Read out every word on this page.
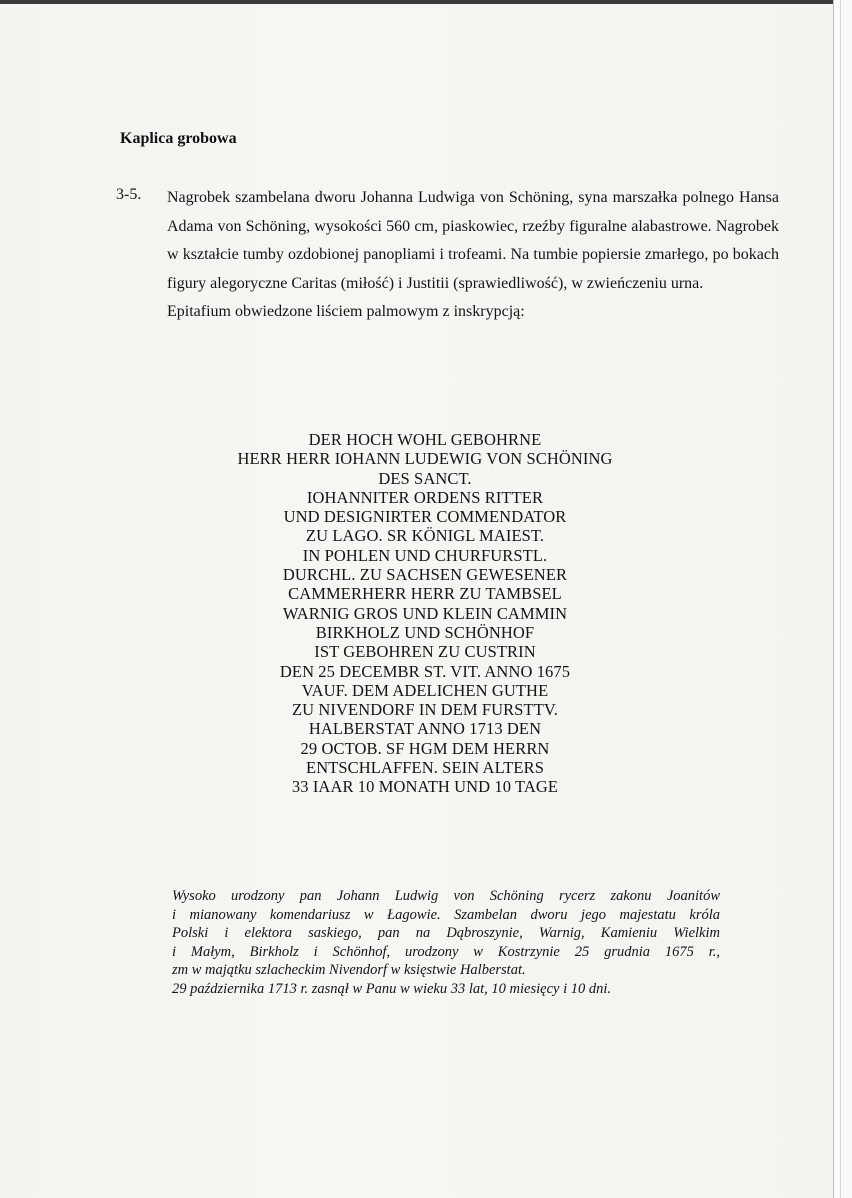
Kaplica grobowa
3-5. Nagrobek szambelana dworu Johanna Ludwiga von Schöning, syna marszałka polnego Hansa Adama von Schöning, wysokości 560 cm, piaskowiec, rzeźby figuralne alabastrowe. Nagrobek w kształcie tumby ozdobionej panopliami i trofeami. Na tumbie popiersie zmarłego, po bokach figury alegoryczne Caritas (miłość) i Justitii (sprawiedliwość), w zwieńczeniu urna.

Epitafium obwiedzone liściem palmowym z inskrypcją:

DER HOCH WOHL GEBOHRNE
HERR HERR IOHANN LUDEWIG VON SCHÖNING
DES SANCT.
IOHANNITER ORDENS RITTER
UND DESIGNIRTER COMMENDATOR
ZU LAGO. SR KÖNIGL MAIEST.
IN POHLEN UND CHURFURSTL.
DURCHL. ZU SACHSEN GEWESENER
CAMMERHERR HERR ZU TAMBSEL
WARNIG GROS UND KLEIN CAMMIN
BIRKHOLZ UND SCHÖNHOF
IST GEBOHREN ZU CUSTRIN
DEN 25 DECEMBR ST. VIT. ANNO 1675
VAUF. DEM ADELICHEN GUTHE
ZU NIVENDORF IN DEM FURSTTV.
HALBERSTAT ANNO 1713 DEN
29 OCTOB. SF HGM DEM HERRN
ENTSCHLAFFEN. SEIN ALTERS
33 IAAR 10 MONATH UND 10 TAGE
Wysoko urodzony pan Johann Ludwig von Schöning rycerz zakonu Joanitów
i mianowany komendariusz w Łagowie. Szambelan dworu jego majestatu króla
Polski i elektora saskiego, pan na Dąbroszynie, Warnig, Kamieniu Wielkim
i Małym, Birkholz i Schönhof, urodzony w Kostrzynie 25 grudnia 1675 r.,
zm w majątku szlacheckim Nivendorf w księstwie Halberstat.
29 października 1713 r. zasnął w Panu w wieku 33 lat, 10 miesięcy i 10 dni.
